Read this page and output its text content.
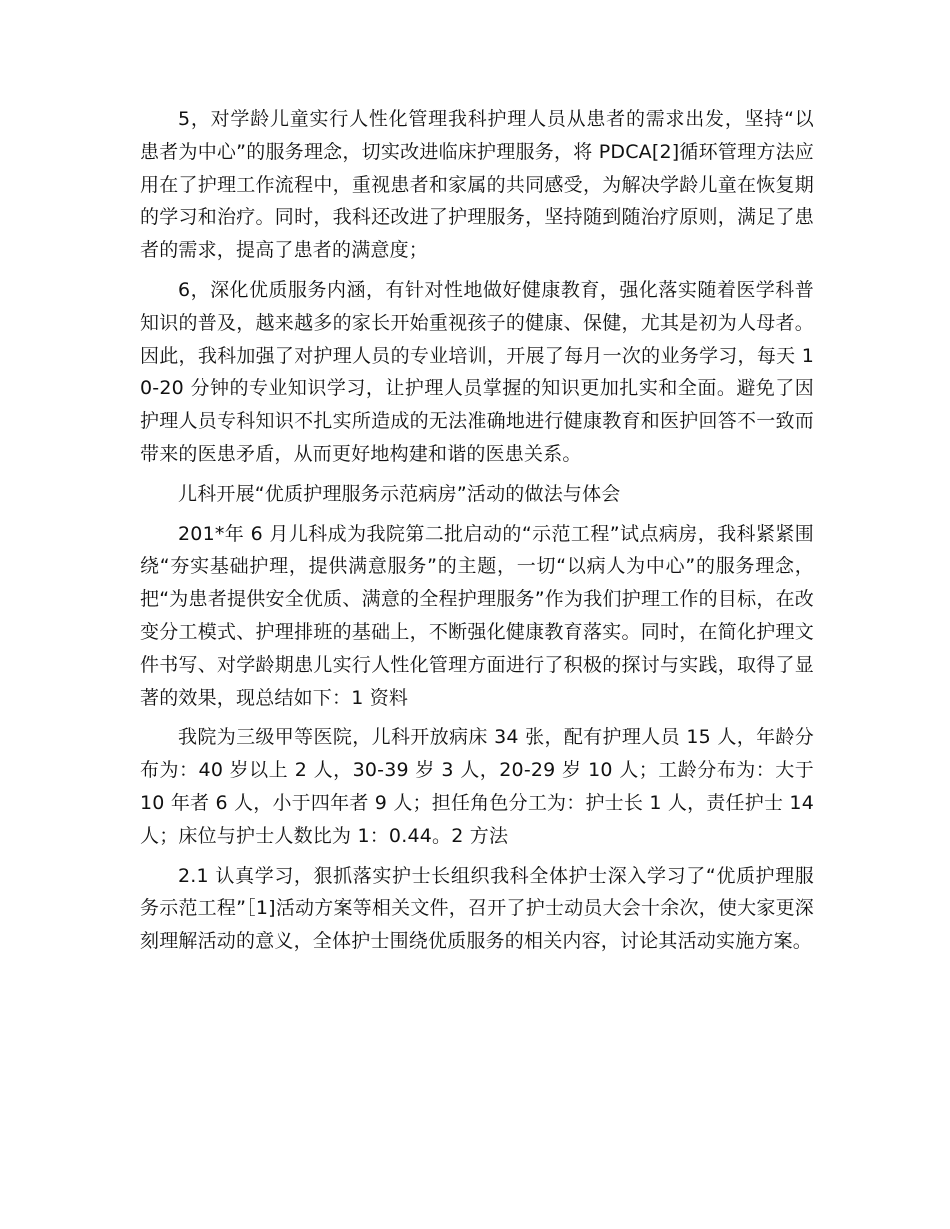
5，对学龄儿童实行人性化管理我科护理人员从患者的需求出发，坚持“以患者为中心”的服务理念，切实改进临床护理服务，将 PDCA[2]循环管理方法应用在了护理工作流程中，重视患者和家属的共同感受，为解决学龄儿童在恢复期的学习和治疗。同时，我科还改进了护理服务，坚持随到随治疗原则，满足了患者的需求，提高了患者的满意度；

6，深化优质服务内涵，有针对性地做好健康教育，强化落实随着医学科普知识的普及，越来越多的家长开始重视孩子的健康、保健，尤其是初为人母者。因此，我科加强了对护理人员的专业培训，开展了每月一次的业务学习，每天 10-20 分钟的专业知识学习，让护理人员掌握的知识更加扎实和全面。避免了因护理人员专科知识不扎实所造成的无法准确地进行健康教育和医护回答不一致而带来的医患矛盾，从而更好地构建和谐的医患关系。

儿科开展“优质护理服务示范病房”活动的做法与体会

201*年 6 月儿科成为我院第二批启动的“示范工程”试点病房，我科紧紧围绕“夯实基础护理，提供满意服务”的主题，一切“以病人为中心”的服务理念，把“为患者提供安全优质、满意的全程护理服务”作为我们护理工作的目标，在改变分工模式、护理排班的基础上，不断强化健康教育落实。同时，在简化护理文件书写、对学龄期患儿实行人性化管理方面进行了积极的探讨与实践，取得了显著的效果，现总结如下：1 资料

我院为三级甲等医院，儿科开放病床 34 张，配有护理人员 15 人，年龄分布为：40 岁以上 2 人，30-39 岁 3 人，20-29 岁 10 人；工龄分布为：大于 10 年者 6 人，小于四年者 9 人；担任角色分工为：护士长 1 人，责任护士 14 人；床位与护士人数比为 1：0.44。2 方法

2.1 认真学习，狠抓落实护士长组织我科全体护士深入学习了“优质护理服务示范工程”［1]活动方案等相关文件，召开了护士动员大会十余次，使大家更深刻理解活动的意义，全体护士围绕优质服务的相关内容，讨论其活动实施方案。
